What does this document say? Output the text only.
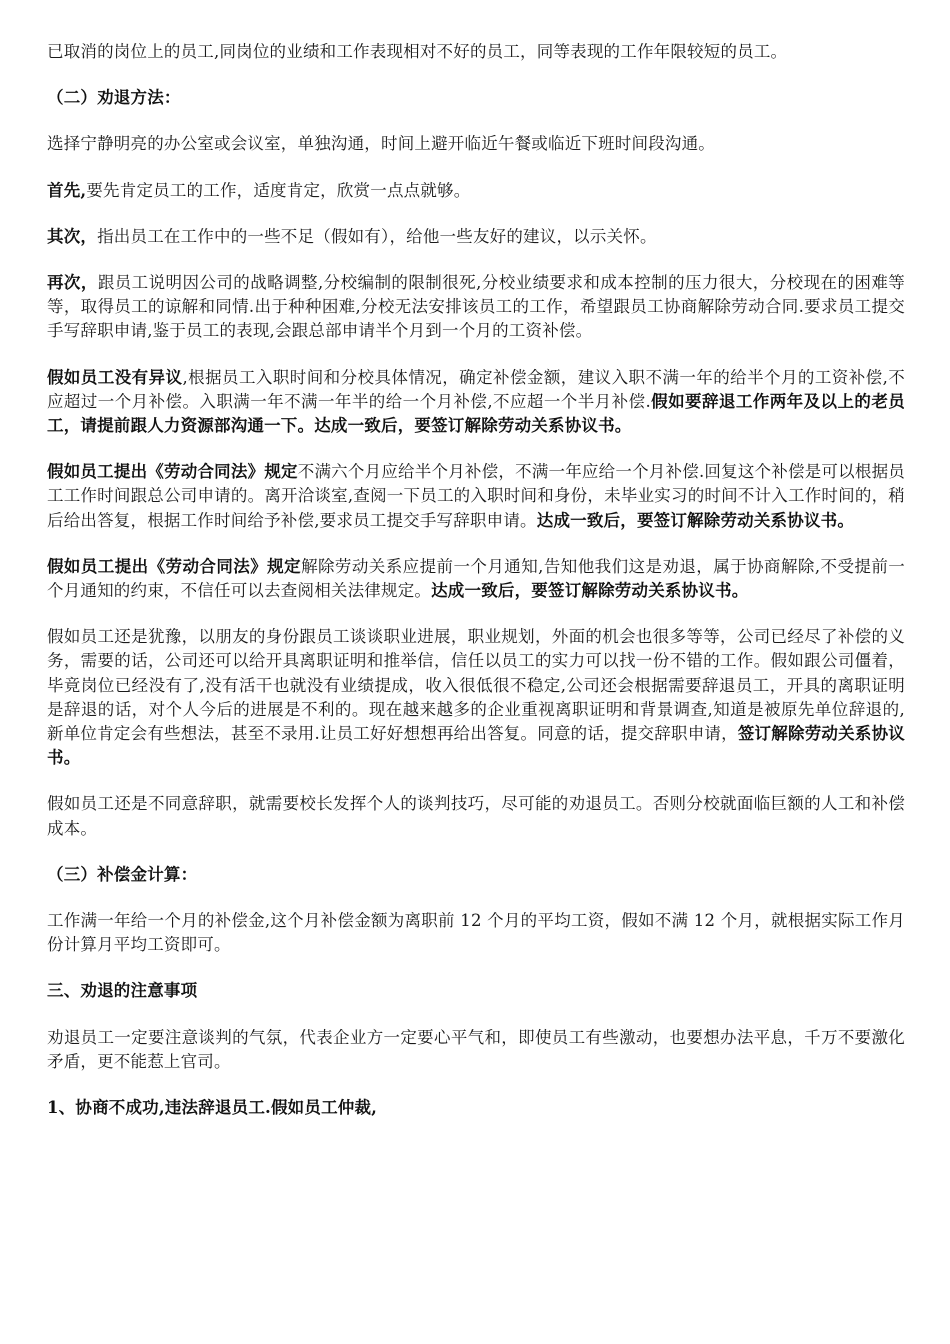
已取消的岗位上的员工,同岗位的业绩和工作表现相对不好的员工，同等表现的工作年限较短的员工。

（二）劝退方法：

选择宁静明亮的办公室或会议室，单独沟通，时间上避开临近午餐或临近下班时间段沟通。

首先,要先肯定员工的工作，适度肯定，欣赏一点点就够。

其次，指出员工在工作中的一些不足（假如有），给他一些友好的建议，以示关怀。

再次，跟员工说明因公司的战略调整,分校编制的限制很死,分校业绩要求和成本控制的压力很大，分校现在的困难等等，取得员工的谅解和同情.出于种种困难,分校无法安排该员工的工作，希望跟员工协商解除劳动合同.要求员工提交手写辞职申请,鉴于员工的表现,会跟总部申请半个月到一个月的工资补偿。

假如员工没有异议,根据员工入职时间和分校具体情况，确定补偿金额，建议入职不满一年的给半个月的工资补偿,不应超过一个月补偿。入职满一年不满一年半的给一个月补偿,不应超一个半月补偿.假如要辞退工作两年及以上的老员工，请提前跟人力资源部沟通一下。达成一致后，要签订解除劳动关系协议书。

假如员工提出《劳动合同法》规定不满六个月应给半个月补偿，不满一年应给一个月补偿.回复这个补偿是可以根据员工工作时间跟总公司申请的。离开洽谈室,查阅一下员工的入职时间和身份，未毕业实习的时间不计入工作时间的，稍后给出答复，根据工作时间给予补偿,要求员工提交手写辞职申请。达成一致后，要签订解除劳动关系协议书。

假如员工提出《劳动合同法》规定解除劳动关系应提前一个月通知,告知他我们这是劝退，属于协商解除,不受提前一个月通知的约束，不信任可以去查阅相关法律规定。达成一致后，要签订解除劳动关系协议书。

假如员工还是犹豫，以朋友的身份跟员工谈谈职业进展，职业规划，外面的机会也很多等等，公司已经尽了补偿的义务，需要的话，公司还可以给开具离职证明和推举信，信任以员工的实力可以找一份不错的工作。假如跟公司僵着，毕竟岗位已经没有了,没有活干也就没有业绩提成，收入很低很不稳定,公司还会根据需要辞退员工，开具的离职证明是辞退的话，对个人今后的进展是不利的。现在越来越多的企业重视离职证明和背景调查,知道是被原先单位辞退的,新单位肯定会有些想法，甚至不录用.让员工好好想想再给出答复。同意的话，提交辞职申请，签订解除劳动关系协议书。

假如员工还是不同意辞职，就需要校长发挥个人的谈判技巧，尽可能的劝退员工。否则分校就面临巨额的人工和补偿成本。

（三）补偿金计算：

工作满一年给一个月的补偿金,这个月补偿金额为离职前 12 个月的平均工资，假如不满 12 个月，就根据实际工作月份计算月平均工资即可。

三、劝退的注意事项

劝退员工一定要注意谈判的气氛，代表企业方一定要心平气和，即使员工有些激动，也要想办法平息，千万不要激化矛盾，更不能惹上官司。

1、协商不成功,违法辞退员工.假如员工仲裁,
